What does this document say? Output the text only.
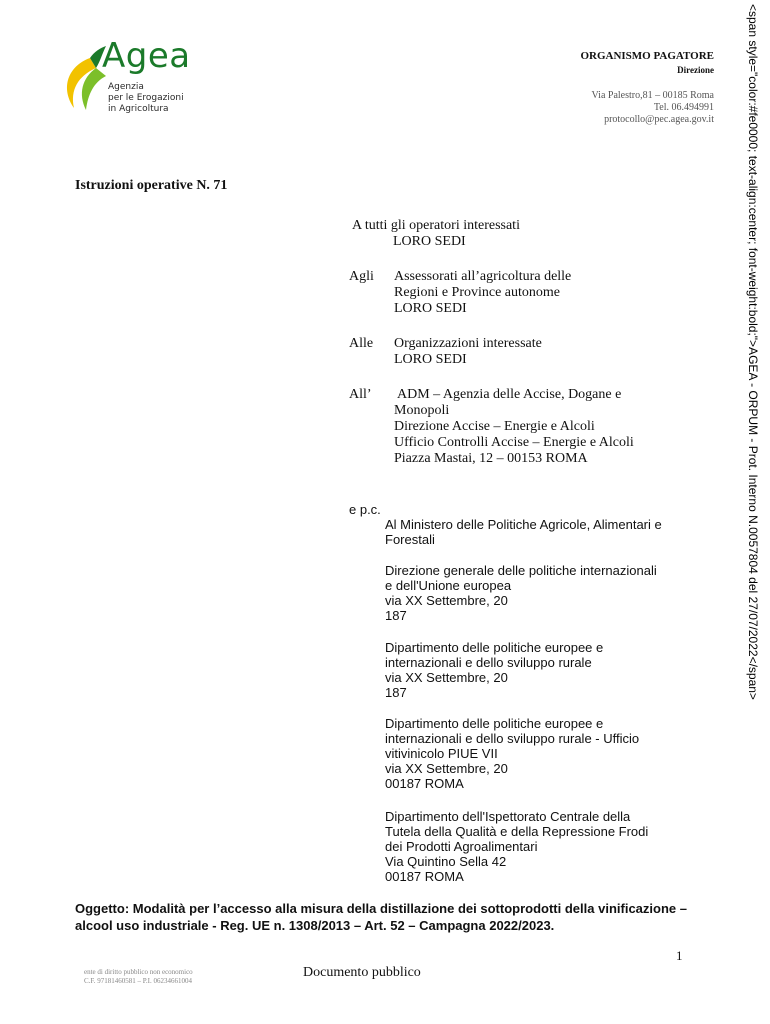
Agea
Agenzia
per le Erogazioni
in Agricoltura
ORGANISMO PAGATORE
Direzione
Via Palestro,81 – 00185 Roma
Tel. 06.494991
protocollo@pec.agea.gov.it
Istruzioni operative N. 71
A tutti gli operatori interessati
LORO SEDI
Agli Assessorati all’agricoltura delle
Regioni e Province autonome
LORO SEDI
Alle Organizzazioni interessate
LORO SEDI
All’ ADM – Agenzia delle Accise, Dogane e
Monopoli
Direzione Accise – Energie e Alcoli
Ufficio Controlli Accise – Energie e Alcoli
Piazza Mastai, 12 – 00153 ROMA
e p.c.
Al Ministero delle Politiche Agricole, Alimentari e
Forestali
Direzione generale delle politiche internazionali
e dell'Unione europea
via XX Settembre, 20
187
Dipartimento delle politiche europee e
internazionali e dello sviluppo rurale
via XX Settembre, 20
187
Dipartimento delle politiche europee e
internazionali e dello sviluppo rurale - Ufficio
vitivinicolo PIUE VII
via XX Settembre, 20
00187 ROMA
Dipartimento dell'Ispettorato Centrale della
Tutela della Qualità e della Repressione Frodi
dei Prodotti Agroalimentari
Via Quintino Sella 42
00187 ROMA
Oggetto: Modalità per l’accesso alla misura della distillazione dei sottoprodotti della vinificazione – alcool uso industriale - Reg. UE n. 1308/2013 – Art. 52 – Campagna 2022/2023.
1
ente di diritto pubblico non economico
C.F. 97181460581 – P.I. 06234661004
Documento pubblico
<span style="color:#fe0000; text-align:center; font-weight:bold;">AGEA - ORPUM - Prot. Interno N.0057804 del 27/07/2022</span>
